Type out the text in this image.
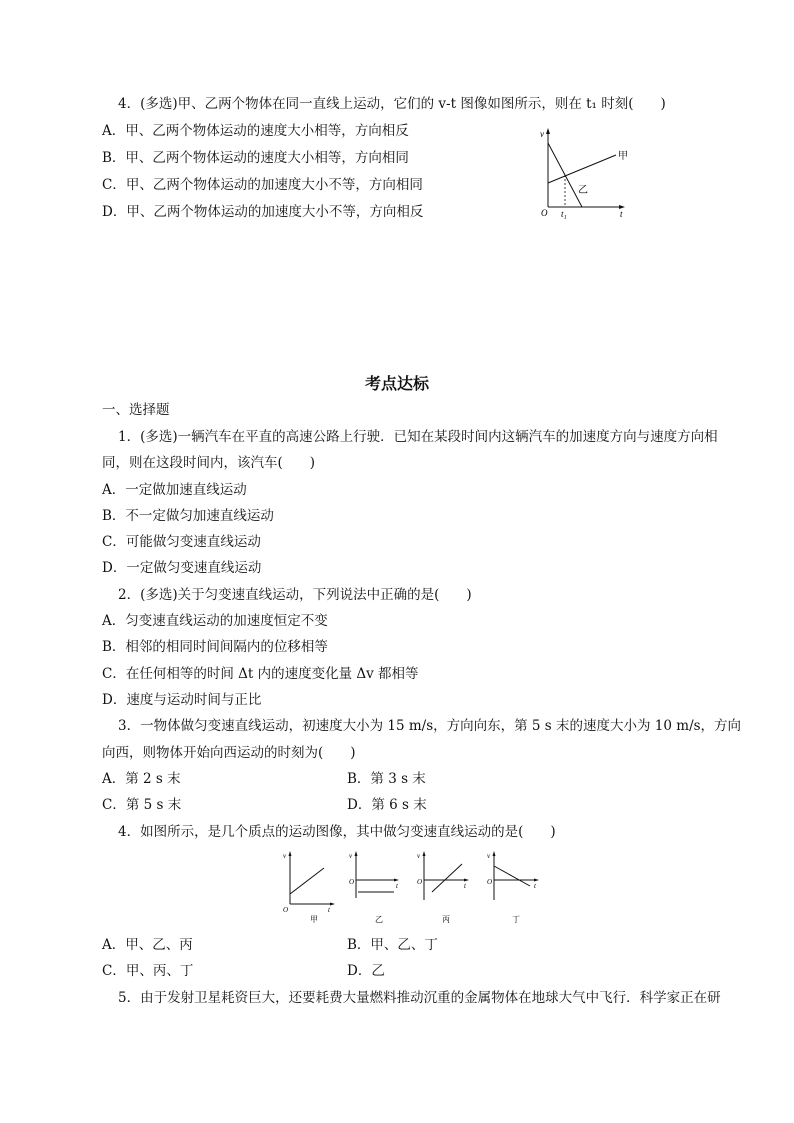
4．(多选)甲、乙两个物体在同一直线上运动，它们的 v-t 图像如图所示，则在 t₁ 时刻(　　)
A．甲、乙两个物体运动的速度大小相等，方向相反
B．甲、乙两个物体运动的速度大小相等，方向相同
C．甲、乙两个物体运动的加速度大小不等，方向相同
D．甲、乙两个物体运动的加速度大小不等，方向相反
v
t
O t₁
甲
乙
考点达标
一、选择题
1．(多选)一辆汽车在平直的高速公路上行驶．已知在某段时间内这辆汽车的加速度方向与速度方向相
同，则在这段时间内，该汽车(　　)
A．一定做加速直线运动
B．不一定做匀加速直线运动
C．可能做匀变速直线运动
D．一定做匀变速直线运动
2．(多选)关于匀变速直线运动，下列说法中正确的是(　　)
A．匀变速直线运动的加速度恒定不变
B．相邻的相同时间间隔内的位移相等
C．在任何相等的时间 Δt 内的速度变化量 Δv 都相等
D．速度与运动时间与正比
3．一物体做匀变速直线运动，初速度大小为 15 m/s，方向向东，第 5 s 末的速度大小为 10 m/s，方向
向西，则物体开始向西运动的时刻为(　　)
A．第 2 s 末	B．第 3 s 末
C．第 5 s 末	D．第 6 s 末
4．如图所示，是几个质点的运动图像，其中做匀变速直线运动的是(　　)
v
t
O
甲
v
t
O
乙
v
t
O
丙
v
t
O
丁
A．甲、乙、丙	B．甲、乙、丁
C．甲、丙、丁	D．乙
5．由于发射卫星耗资巨大，还要耗费大量燃料推动沉重的金属物体在地球大气中飞行．科学家正在研
